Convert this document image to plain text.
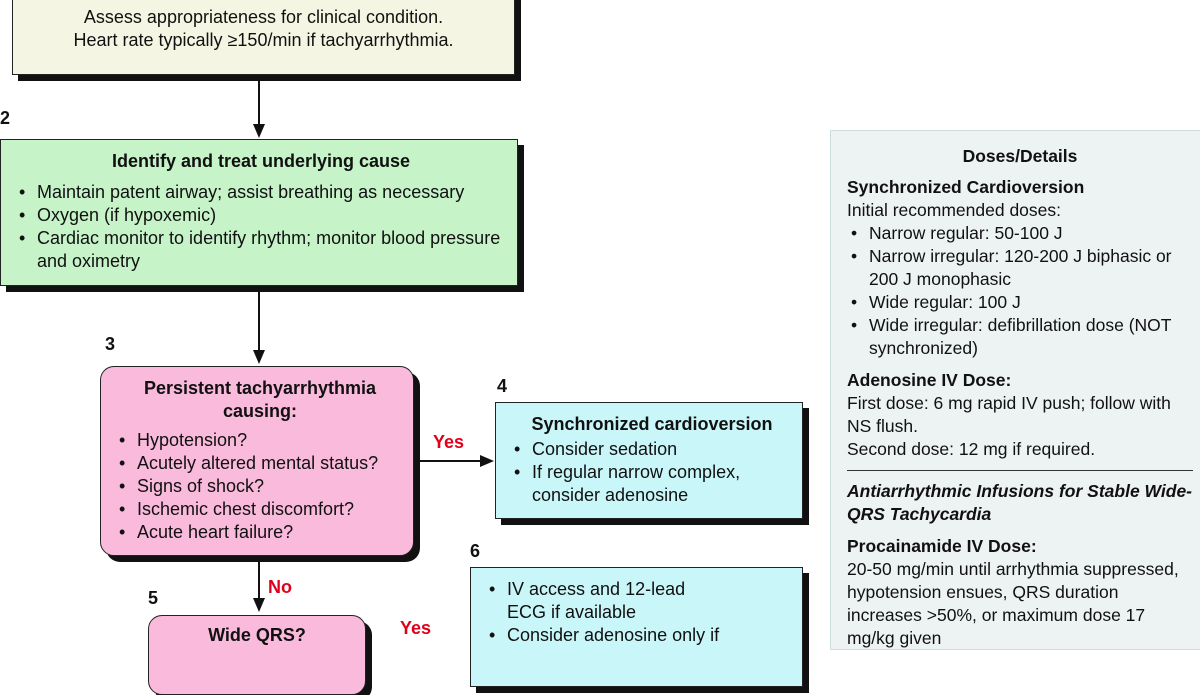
Assess appropriateness for clinical condition.
Heart rate typically ≥150/min if tachyarrhythmia.
2
Identify and treat underlying cause
• Maintain patent airway; assist breathing as necessary
• Oxygen (if hypoxemic)
• Cardiac monitor to identify rhythm; monitor blood pressure and oximetry
3
Persistent tachyarrhythmia causing:
• Hypotension?
• Acutely altered mental status?
• Signs of shock?
• Ischemic chest discomfort?
• Acute heart failure?
Yes
4
Synchronized cardioversion
• Consider sedation
• If regular narrow complex, consider adenosine
No
5
Wide QRS?	Yes
6
• IV access and 12-lead ECG if available
• Consider adenosine only if
Doses/Details
Synchronized Cardioversion
Initial recommended doses:
• Narrow regular: 50-100 J
• Narrow irregular: 120-200 J biphasic or 200 J monophasic
• Wide regular: 100 J
• Wide irregular: defibrillation dose (NOT synchronized)
Adenosine IV Dose:
First dose: 6 mg rapid IV push; follow with NS flush.
Second dose: 12 mg if required.
Antiarrhythmic Infusions for Stable Wide-QRS Tachycardia
Procainamide IV Dose:
20-50 mg/min until arrhythmia suppressed, hypotension ensues, QRS duration increases >50%, or maximum dose 17 mg/kg given
